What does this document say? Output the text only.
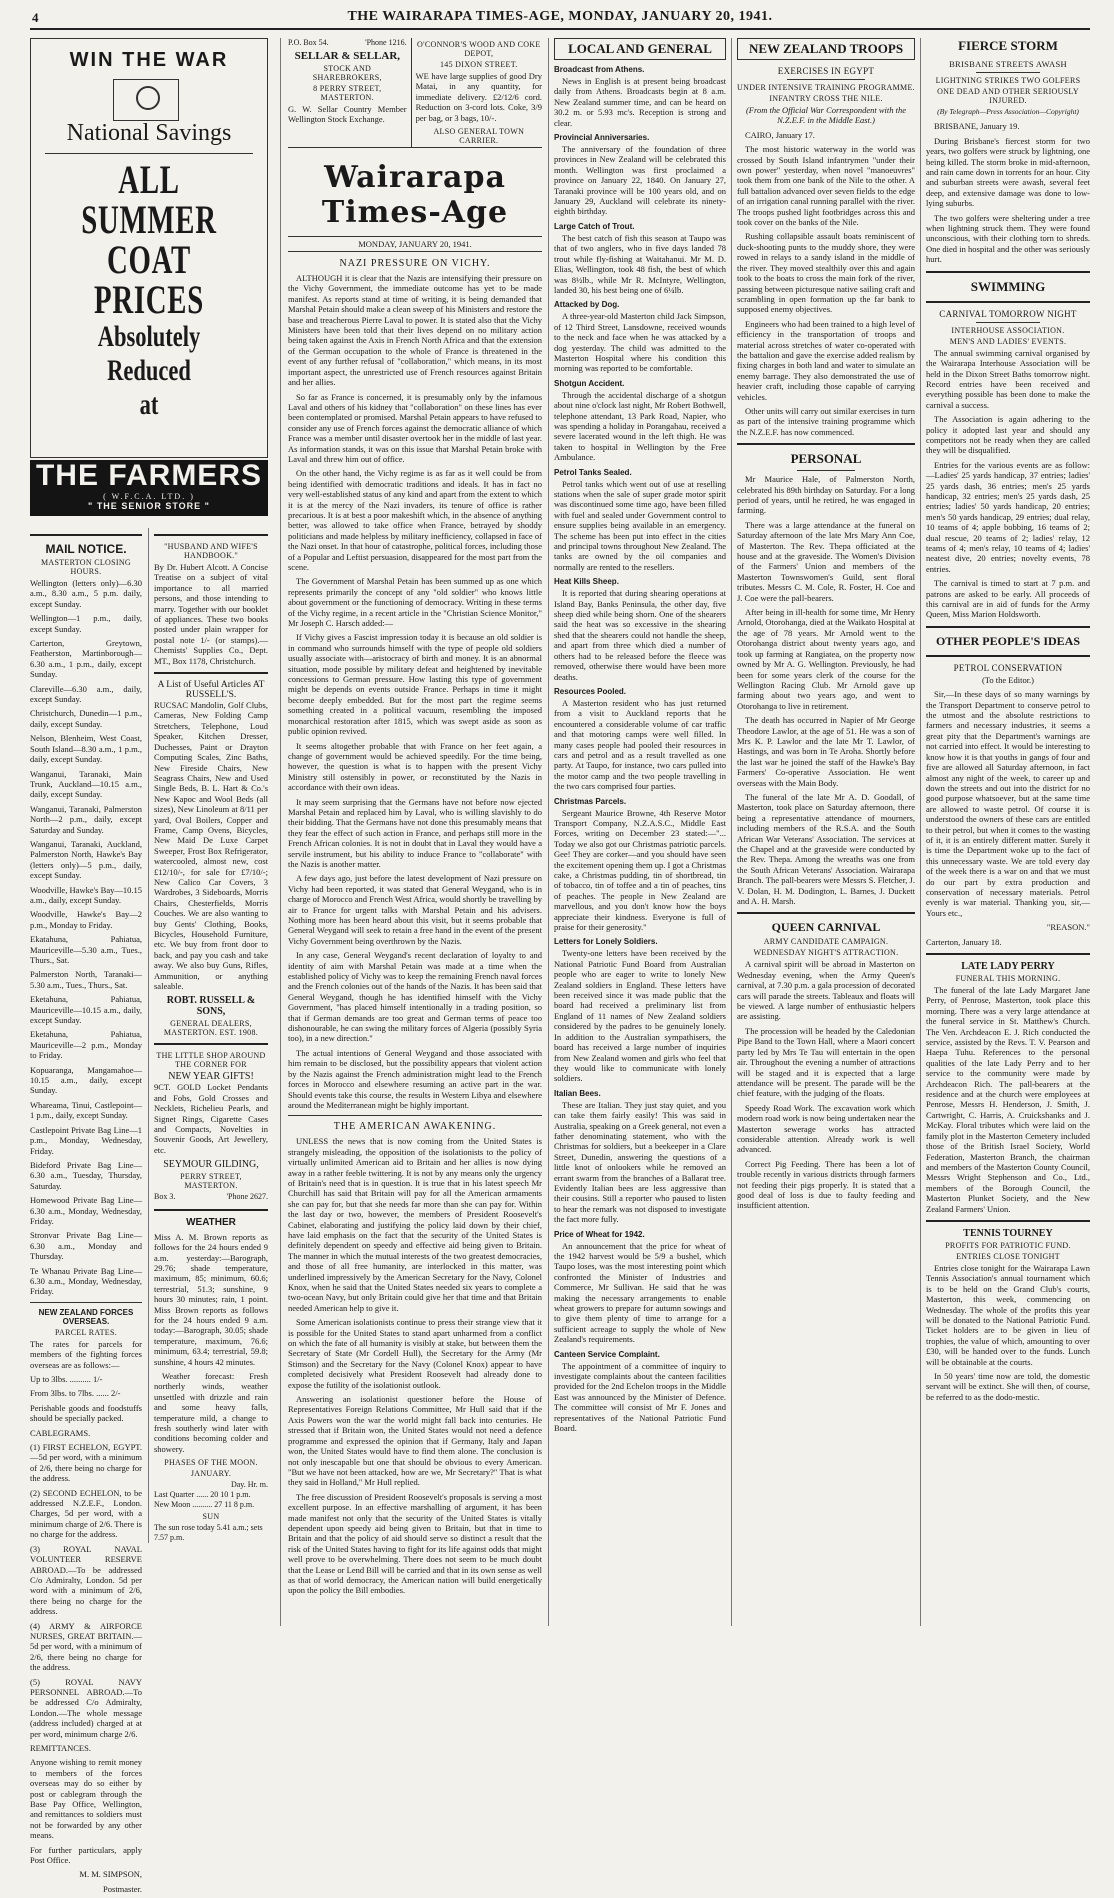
4	THE WAIRARAPA TIMES-AGE, MONDAY, JANUARY 20, 1941.
WIN THE WAR
National Savings
ALL
SUMMER
COAT
PRICES
Absolutely
Reduced
at
THE FARMERS
( W.F.C.A. LTD. )
" THE SENIOR STORE "
MAIL NOTICE.
MASTERTON CLOSING HOURS.
Wellington (letters only)—6.30 a.m., 8.30 a.m., 5 p.m. daily, except Sunday.
Wellington—1 p.m., daily, except Sunday.
Carterton, Greytown, Featherston, Martinborough—6.30 a.m., 1 p.m., daily, except Sunday.
Clareville—6.30 a.m., daily, except Sunday.
Christchurch, Dunedin—1 p.m., daily, except Sunday.
Nelson, Blenheim, West Coast, South Island—8.30 a.m., 1 p.m., daily, except Sunday.
Wanganui, Taranaki, Main Trunk, Auckland—10.15 a.m., daily, except Sunday.
Wanganui, Taranaki, Palmerston North—2 p.m., daily, except Saturday and Sunday.
Wanganui, Taranaki, Auckland, Palmerston North, Hawke's Bay (letters only)—5 p.m., daily, except Sunday.
Woodville, Hawke's Bay—10.15 a.m., daily, except Sunday.
Woodville, Hawke's Bay—2 p.m., Monday to Friday.
Ekatahuna, Pahiatua, Mauriceville—5.30 a.m., Tues., Thurs., Sat.
Palmerston North, Taranaki—5.30 a.m., Tues., Thurs., Sat.
Eketahuna, Pahiatua, Mauriceville—10.15 a.m., daily, except Sunday.
Eketahuna, Pahiatua, Mauriceville—2 p.m., Monday to Friday.
Kopuaranga, Mangamahoe—10.15 a.m., daily, except Sunday.
Whareama, Tinui, Castlepoint—1 p.m., daily, except Sunday.
Castlepoint Private Bag Line—1 p.m., Monday, Wednesday, Friday.
Bideford Private Bag Line—6.30 a.m., Tuesday, Thursday, Saturday.
Homewood Private Bag Line—6.30 a.m., Monday, Wednesday, Friday.
Stronvar Private Bag Line—6.30 a.m., Monday and Thursday.
Te Whanau Private Bag Line—6.30 a.m., Monday, Wednesday, Friday.
NEW ZEALAND FORCES OVERSEAS.
PARCEL RATES.
The rates for parcels for members of the fighting forces overseas are as follows:—
Up to 3lbs. .......... 1/-
From 3lbs. to 7lbs. ...... 2/-
Perishable goods and foodstuffs should be specially packed.
CABLEGRAMS.
(1) FIRST ECHELON, EGYPT.—5d per word, with a minimum of 2/6, there being no charge for the address.
(2) SECOND ECHELON, to be addressed N.Z.E.F., London. Charges, 5d per word, with a minimum charge of 2/6. There is no charge for the address.
(3) ROYAL NAVAL VOLUNTEER RESERVE ABROAD.—To be addressed C/o Admiralty, London. 5d per word with a minimum of 2/6, there being no charge for the address.
(4) ARMY & AIRFORCE NURSES, GREAT BRITAIN.—5d per word, with a minimum of 2/6, there being no charge for the address.
(5) ROYAL NAVY PERSONNEL ABROAD.—To be addressed C/o Admiralty, London.—The whole message (address included) charged at at per word, minimum charge 2/6.
REMITTANCES.
Anyone wishing to remit money to members of the forces overseas may do so either by post or cablegram through the Base Pay Office, Wellington, and remittances to soldiers must not be forwarded by any other means.
For further particulars, apply Post Office.
M. M. SIMPSON,
Postmaster.
"HUSBAND AND WIFE'S HANDBOOK."
By Dr. Hubert Alcott. A Concise Treatise on a subject of vital importance to all married persons, and those intending to marry. Together with our booklet of appliances. These two books posted under plain wrapper for postal note 1/- (or stamps).—Chemists' Supplies Co., Dept. MT., Box 1178, Christchurch.
A List of Useful Articles AT RUSSELL'S.
RUCSAC Mandolin, Golf Clubs, Cameras, New Folding Camp Stretchers, Telephone, Loud Speaker, Kitchen Dresser, Duchesses, Paint or Drayton Computing Scales, Zinc Baths, New Fireside Chairs, New Seagrass Chairs, New and Used Single Beds, B. L. Hart & Co.'s New Kapoc and Wool Beds (all sizes), New Linoleum at 8/11 per yard, Oval Boilers, Copper and Frame, Camp Ovens, Bicycles, New Maid De Luxe Carpet Sweeper, Frost Box Refrigerator, watercooled, almost new, cost £12/10/-, for sale for £7/10/-; New Calico Car Covers, 3 Wardrobes, 3 Sideboards, Morris Chairs, Chesterfields, Morris Couches. We are also wanting to buy Gents' Clothing, Books, Bicycles, Household Furniture, etc. We buy from front door to back, and pay you cash and take away. We also buy Guns, Rifles, Ammunition, or anything saleable.
ROBT. RUSSELL & SONS,
GENERAL DEALERS, MASTERTON. EST. 1908.
THE LITTLE SHOP AROUND THE CORNER FOR
NEW YEAR GIFTS!
9CT. GOLD Locket Pendants and Fobs, Gold Crosses and Necklets, Richelieu Pearls, and Signet Rings, Cigarette Cases and Compacts, Novelties in Souvenir Goods, Art Jewellery, etc.
SEYMOUR GILDING,
PERRY STREET, MASTERTON.
Box 3.	'Phone 2627.
WEATHER
Miss A. M. Brown reports as follows for the 24 hours ended 9 a.m. yesterday:—Barograph, 29.76; shade temperature, maximum, 85; minimum, 60.6; terrestrial, 51.3; sunshine, 9 hours 30 minutes; rain, 1 point. Miss Brown reports as follows for the 24 hours ended 9 a.m. today:—Barograph, 30.05; shade temperature, maximum, 76.6; minimum, 63.4; terrestrial, 59.8; sunshine, 4 hours 42 minutes.
Weather forecast: Fresh northerly winds, weather unsettled with drizzle and rain and some heavy falls, temperature mild, a change to fresh southerly wind later with conditions becoming colder and showery.
PHASES OF THE MOON.
JANUARY.
Day. Hr. m.
Last Quarter ...... 20 10 1 p.m.
New Moon .......... 27 11 8 p.m.
SUN
The sun rose today 5.41 a.m.; sets 7.57 p.m.
P.O. Box 54.	'Phone 1216.
SELLAR & SELLAR,
STOCK AND SHAREBROKERS,
8 PERRY STREET, MASTERTON.
G. W. Sellar Country Member Wellington Stock Exchange.
O'CONNOR'S WOOD AND COKE DEPOT,
145 DIXON STREET.
WE have large supplies of good Dry Matai, in any quantity, for immediate delivery. £2/12/6 cord. Reduction on 3-cord lots. Coke, 3/9 per bag, or 3 bags, 10/-.
ALSO GENERAL TOWN CARRIER.
Wairarapa Times-Age
MONDAY, JANUARY 20, 1941.
NAZI PRESSURE ON VICHY.
ALTHOUGH it is clear that the Nazis are intensifying their pressure on the Vichy Government, the immediate outcome has yet to be made manifest. As reports stand at time of writing, it is being demanded that Marshal Petain should make a clean sweep of his Ministers and restore the base and treacherous Pierre Laval to power. It is stated also that the Vichy Ministers have been told that their lives depend on no military action being taken against the Axis in French North Africa and that the extension of the German occupation to the whole of France is threatened in the event of any further refusal of "collaboration," which means, in its most important aspect, the unrestricted use of French resources against Britain and her allies.
So far as France is concerned, it is presumably only by the infamous Laval and others of his kidney that "collaboration" on these lines has ever been contemplated or promised. Marshal Petain appears to have refused to consider any use of French forces against the democratic alliance of which France was a member until disaster overtook her in the middle of last year. As information stands, it was on this issue that Marshal Petain broke with Laval and threw him out of office.
On the other hand, the Vichy regime is as far as it well could be from being identified with democratic traditions and ideals. It has in fact no very well-established status of any kind and apart from the extent to which it is at the mercy of the Nazi invaders, its tenure of office is rather precarious. It is at best a poor makeshift which, in the absence of anything better, was allowed to take office when France, betrayed by shoddy politicians and made helpless by military inefficiency, collapsed in face of the Nazi onset. In that hour of catastrophe, political forces, including those of a Popular and Leftist persuasion, disappeared for the most part from the scene.
The Government of Marshal Petain has been summed up as one which represents primarily the concept of any "old soldier" who knows little about government or the functioning of democracy. Writing in these terms of the Vichy regime, in a recent article in the "Christian Science Monitor," Mr Joseph C. Harsch added:—
If Vichy gives a Fascist impression today it is because an old soldier is in command who surrounds himself with the type of people old soldiers usually associate with—aristocracy of birth and money. It is an abnormal situation, mode possible by military defeat and heightened by inevitable concessions to German pressure. How lasting this type of government might be depends on events outside France. Perhaps in time it might become deeply embedded. But for the most part the regime seems something created in a political vacuum, resembling the imposed monarchical restoration after 1815, which was swept aside as soon as public opinion revived.
It seems altogether probable that with France on her feet again, a change of government would be achieved speedily. For the time being, however, the question is what is to happen with the present Vichy Ministry still ostensibly in power, or reconstituted by the Nazis in accordance with their own ideas.
It may seem surprising that the Germans have not before now ejected Marshal Petain and replaced him by Laval, who is willing slavishly to do their bidding. That the Germans have not done this presumably means that they fear the effect of such action in France, and perhaps still more in the French African colonies. It is not in doubt that in Laval they would have a servile instrument, but his ability to induce France to "collaborate" with the Nazis is another matter.
A few days ago, just before the latest development of Nazi pressure on Vichy had been reported, it was stated that General Weygand, who is in charge of Morocco and French West Africa, would shortly be travelling by air to France for urgent talks with Marshal Petain and his advisers. Nothing more has been heard about this visit, but it seems probable that General Weygand will seek to retain a free hand in the event of the present Vichy Government being overthrown by the Nazis.
In any case, General Weygand's recent declaration of loyalty to and identity of aim with Marshal Petain was made at a time when the established policy of Vichy was to keep the remaining French naval forces and the French colonies out of the hands of the Nazis. It has been said that General Weygand, though he has identified himself with the Vichy Government, "has placed himself intentionally in a trading position, so that if German demands are too great and German terms of peace too dishonourable, he can swing the military forces of Algeria (possibly Syria too), in a new direction."
The actual intentions of General Weygand and those associated with him remain to be disclosed, but the possibility appears that violent action by the Nazis against the French administration might lead to the French forces in Morocco and elsewhere resuming an active part in the war. Should events take this course, the results in Western Libya and elsewhere around the Mediterranean might be highly important.
THE AMERICAN AWAKENING.
UNLESS the news that is now coming from the United States is strangely misleading, the opposition of the isolationists to the policy of virtually unlimited American aid to Britain and her allies is now dying away in a rather feeble twittering. It is not by any means only the urgency of Britain's need that is in question. It is true that in his latest speech Mr Churchill has said that Britain will pay for all the American armaments she can pay for, but that she needs far more than she can pay for. Within the last day or two, however, the members of President Roosevelt's Cabinet, elaborating and justifying the policy laid down by their chief, have laid emphasis on the fact that the security of the United States is definitely dependent on speedy and effective aid being given to Britain. The manner in which the mutual interests of the two greatest democracies, and those of all free humanity, are interlocked in this matter, was underlined impressively by the American Secretary for the Navy, Colonel Knox, when he said that the United States needed six years to complete a two-ocean Navy, but only Britain could give her that time and that Britain needed American help to give it.
Some American isolationists continue to press their strange view that it is possible for the United States to stand apart unharmed from a conflict on which the fate of all humanity is visibly at stake, but between them the Secretary of State (Mr Cordell Hull), the Secretary for the Army (Mr Stimson) and the Secretary for the Navy (Colonel Knox) appear to have completed decisively what President Roosevelt had already done to expose the futility of the isolationist outlook.
Answering an isolationist questioner before the House of Representatives Foreign Relations Committee, Mr Hull said that if the Axis Powers won the war the world might fall back into centuries. He stressed that if Britain won, the United States would not need a defence programme and expressed the opinion that if Germany, Italy and Japan won, the United States would have to find them alone. The conclusion is not only inescapable but one that should be obvious to every American. "But we have not been attacked, how are we, Mr Secretary?" That is what they said in Holland," Mr Hull replied.
The free discussion of President Roosevelt's proposals is serving a most excellent purpose. In an effective marshalling of argument, it has been made manifest not only that the security of the United States is vitally dependent upon speedy aid being given to Britain, but that in time to Britain and that the policy of aid should serve so distinct a result that the risk of the United States having to fight for its life against odds that might well prove to be overwhelming. There does not seem to be much doubt that the Lease or Lend Bill will be carried and that in its own sense as well as that of world democracy, the American nation will build energetically upon the policy the Bill embodies.
LOCAL AND GENERAL
Broadcast from Athens.
News in English is at present being broadcast daily from Athens. Broadcasts begin at 8 a.m. New Zealand summer time, and can be heard on 30.2 m. or 5.93 mc's. Reception is strong and clear.
Provincial Anniversaries.
The anniversary of the foundation of three provinces in New Zealand will be celebrated this month. Wellington was first proclaimed a province on January 22, 1840. On January 27, Taranaki province will be 100 years old, and on January 29, Auckland will celebrate its ninety-eighth birthday.
Large Catch of Trout.
The best catch of fish this season at Taupo was that of two anglers, who in five days landed 78 trout while fly-fishing at Waitahanui. Mr M. D. Elias, Wellington, took 48 fish, the best of which was 8½lb., while Mr R. McIntyre, Wellington, landed 30, his best being one of 6¼lb.
Attacked by Dog.
A three-year-old Masterton child Jack Simpson, of 12 Third Street, Lansdowne, received wounds to the neck and face when he was attacked by a dog yesterday. The child was admitted to the Masterton Hospital where his condition this morning was reported to be comfortable.
Shotgun Accident.
Through the accidental discharge of a shotgun about nine o'clock last night, Mr Robert Bothwell, telephone attendant, 13 Park Road, Napier, who was spending a holiday in Porangahau, received a severe lacerated wound in the left thigh. He was taken to hospital in Wellington by the Free Ambulance.
Petrol Tanks Sealed.
Petrol tanks which went out of use at reselling stations when the sale of super grade motor spirit was discontinued some time ago, have been filled with fuel and sealed under Government control to ensure supplies being available in an emergency. The scheme has been put into effect in the cities and principal towns throughout New Zealand. The tanks are owned by the oil companies and normally are rented to the resellers.
Heat Kills Sheep.
It is reported that during shearing operations at Island Bay, Banks Peninsula, the other day, five sheep died while being shorn. One of the shearers said the heat was so excessive in the shearing shed that the shearers could not handle the sheep, and apart from three which died a number of others had to be released before the fleece was removed, otherwise there would have been more deaths.
Resources Pooled.
A Masterton resident who has just returned from a visit to Auckland reports that he encountered a considerable volume of car traffic and that motoring camps were well filled. In many cases people had pooled their resources in cars and petrol and as a result travelled as one party. At Taupo, for instance, two cars pulled into the motor camp and the two people travelling in the two cars comprised four parties.
Christmas Parcels.
Sergeant Maurice Browne, 4th Reserve Motor Transport Company, N.Z.A.S.C., Middle East Forces, writing on December 23 stated:—"... Today we also got our Christmas patriotic parcels. Gee! They are corker—and you should have seen the excitement opening them up. I got a Christmas cake, a Christmas pudding, tin of shortbread, tin of tobacco, tin of toffee and a tin of peaches, tins of peaches. The people in New Zealand are marvellous, and you don't know how the boys appreciate their kindness. Everyone is full of praise for their generosity."
Letters for Lonely Soldiers.
Twenty-one letters have been received by the National Patriotic Fund Board from Australian people who are eager to write to lonely New Zealand soldiers in England. These letters have been received since it was made public that the board had received a preliminary list from England of 11 names of New Zealand soldiers considered by the padres to be genuinely lonely. In addition to the Australian sympathisers, the board has received a large number of inquiries from New Zealand women and girls who feel that they would like to communicate with lonely soldiers.
Italian Bees.
These are Italian. They just stay quiet, and you can take them fairly easily! This was said in Australia, speaking on a Greek general, not even a father denominating statement, who with the Christmas for soldiers, but a beekeeper in a Clare Street, Dunedin, answering the questions of a little knot of onlookers while he removed an errant swarm from the branches of a Ballarat tree. Evidently Italian bees are less aggressive than their cousins. Still a reporter who paused to listen to hear the remark was not disposed to investigate the fact more fully.
Price of Wheat for 1942.
An announcement that the price for wheat of the 1942 harvest would be 5/9 a bushel, which Taupo loses, was the most interesting point which confronted the Minister of Industries and Commerce, Mr Sullivan. He said that he was making the necessary arrangements to enable wheat growers to prepare for autumn sowings and to give them plenty of time to arrange for a sufficient acreage to supply the whole of New Zealand's requirements.
Canteen Service Complaint.
The appointment of a committee of inquiry to investigate complaints about the canteen facilities provided for the 2nd Echelon troops in the Middle East was announced by the Minister of Defence. The committee will consist of Mr F. Jones and representatives of the National Patriotic Fund Board.
NEW ZEALAND TROOPS
EXERCISES IN EGYPT
UNDER INTENSIVE TRAINING PROGRAMME.
INFANTRY CROSS THE NILE.
(From the Official War Correspondent with the N.Z.E.F. in the Middle East.)
CAIRO, January 17.
The most historic waterway in the world was crossed by South Island infantrymen "under their own power" yesterday, when novel "manoeuvres" took them from one bank of the Nile to the other. A full battalion advanced over seven fields to the edge of an irrigation canal running parallel with the river. The troops pushed light footbridges across this and took cover on the banks of the Nile.
Rushing collapsible assault boats reminiscent of duck-shooting punts to the muddy shore, they were rowed in relays to a sandy island in the middle of the river. They moved stealthily over this and again took to the boats to cross the main fork of the river, passing between picturesque native sailing craft and scrambling in open formation up the far bank to supposed enemy objectives.
Engineers who had been trained to a high level of efficiency in the transportation of troops and material across stretches of water co-operated with the battalion and gave the exercise added realism by fixing charges in both land and water to simulate an enemy barrage. They also demonstrated the use of heavier craft, including those capable of carrying vehicles.
Other units will carry out similar exercises in turn as part of the intensive training programme which the N.Z.E.F. has now commenced.
PERSONAL
Mr Maurice Hale, of Palmerston North, celebrated his 89th birthday on Saturday. For a long period of years, until he retired, he was engaged in farming.
There was a large attendance at the funeral on Saturday afternoon of the late Mrs Mary Ann Coe, of Masterton. The Rev. Thepa officiated at the house and at the graveside. The Women's Division of the Farmers' Union and members of the Masterton Townswomen's Guild, sent floral tributes. Messrs C. M. Cole, R. Foster, H. Coe and J. Coe were the pall-bearers.
After being in ill-health for some time, Mr Henry Arnold, Otorohanga, died at the Waikato Hospital at the age of 78 years. Mr Arnold went to the Otorohanga district about twenty years ago, and took up farming at Rangiatea, on the property now owned by Mr A. G. Wellington. Previously, he had been for some years clerk of the course for the Wellington Racing Club. Mr Arnold gave up farming about two years ago, and went to Otorohanga to live in retirement.
The death has occurred in Napier of Mr George Theodore Lawlor, at the age of 51. He was a son of Mrs K. P. Lawlor and the late Mr T. Lawlor, of Hastings, and was born in Te Aroha. Shortly before the last war he joined the staff of the Hawke's Bay Farmers' Co-operative Association. He went overseas with the Main Body.
The funeral of the late Mr A. D. Goodall, of Masterton, took place on Saturday afternoon, there being a representative attendance of mourners, including members of the R.S.A. and the South African War Veterans' Association. The services at the Chapel and at the graveside were conducted by the Rev. Thepa. Among the wreaths was one from the South African Veterans' Association. Wairarapa Branch. The pall-bearers were Messrs S. Fletcher, J. V. Dolan, H. M. Dodington, L. Barnes, J. Duckett and A. H. Marsh.
QUEEN CARNIVAL
ARMY CANDIDATE CAMPAIGN.
WEDNESDAY NIGHT'S ATTRACTION.
A carnival spirit will be abroad in Masterton on Wednesday evening, when the Army Queen's carnival, at 7.30 p.m. a gala procession of decorated cars will parade the streets. Tableaux and floats will be viewed. A large number of enthusiastic helpers are assisting.
The procession will be headed by the Caledonian Pipe Band to the Town Hall, where a Maori concert party led by Mrs Te Tau will entertain in the open air. Throughout the evening a number of attractions will be staged and it is expected that a large attendance will be present. The parade will be the chief feature, with the judging of the floats.
Speedy Road Work. The excavation work which modern road work is now being undertaken near the Masterton sewerage works has attracted considerable attention. Already work is well advanced.
Correct Pig Feeding. There has been a lot of trouble recently in various districts through farmers not feeding their pigs properly. It is stated that a good deal of loss is due to faulty feeding and insufficient attention.
FIERCE STORM
BRISBANE STREETS AWASH
LIGHTNING STRIKES TWO GOLFERS
ONE DEAD AND OTHER SERIOUSLY INJURED.
(By Telegraph—Press Association—Copyright)
BRISBANE, January 19.
During Brisbane's fiercest storm for two years, two golfers were struck by lightning, one being killed. The storm broke in mid-afternoon, and rain came down in torrents for an hour. City and suburban streets were awash, several feet deep, and extensive damage was done to low-lying suburbs.
The two golfers were sheltering under a tree when lightning struck them. They were found unconscious, with their clothing torn to shreds. One died in hospital and the other was seriously hurt.
SWIMMING
CARNIVAL TOMORROW NIGHT
INTERHOUSE ASSOCIATION.
MEN'S AND LADIES' EVENTS.
The annual swimming carnival organised by the Wairarapa Interhouse Association will be held in the Dixon Street Baths tomorrow night. Record entries have been received and everything possible has been done to make the carnival a success.
The Association is again adhering to the policy it adopted last year and should any competitors not be ready when they are called they will be disqualified.
Entries for the various events are as follow:—Ladies' 25 yards handicap, 37 entries; ladies' 25 yards dash, 36 entries; men's 25 yards handicap, 32 entries; men's 25 yards dash, 25 entries; ladies' 50 yards handicap, 20 entries; men's 50 yards handicap, 29 entries; dual relay, 10 teams of 4; apple bobbing, 16 teams of 2; dual rescue, 20 teams of 2; ladies' relay, 12 teams of 4; men's relay, 10 teams of 4; ladies' neatest dive, 20 entries; novelty events, 78 entries.
The carnival is timed to start at 7 p.m. and patrons are asked to be early. All proceeds of this carnival are in aid of funds for the Army Queen, Miss Marion Holdsworth.
OTHER PEOPLE'S IDEAS
PETROL CONSERVATION
(To the Editor.)
Sir,—In these days of so many warnings by the Transport Department to conserve petrol to the utmost and the absolute restrictions to farmers and necessary industries, it seems a great pity that the Department's warnings are not carried into effect. It would be interesting to know how it is that youths in gangs of four and five are allowed all Saturday afternoon, in fact almost any night of the week, to career up and down the streets and out into the district for no good purpose whatsoever, but at the same time are allowed to waste petrol. Of course it is understood the owners of these cars are entitled to their petrol, but when it comes to the wasting of it, it is an entirely different matter. Surely it is time the Department woke up to the fact of this unnecessary waste. We are told every day of the week there is a war on and that we must do our part by extra production and conservation of necessary materials. Petrol evenly is war material. Thanking you, sir,—Yours etc.,
"REASON."
Carterton, January 18.
LATE LADY PERRY
FUNERAL THIS MORNING.
The funeral of the late Lady Margaret Jane Perry, of Penrose, Masterton, took place this morning. There was a very large attendance at the funeral service in St. Matthew's Church. The Ven. Archdeacon E. J. Rich conducted the service, assisted by the Revs. T. V. Pearson and Haepa Tuhu. References to the personal qualities of the late Lady Perry and to her service to the community were made by Archdeacon Rich. The pall-bearers at the residence and at the church were employees at Penrose, Messrs H. Henderson, J. Smith, J. Cartwright, C. Harris, A. Cruickshanks and J. McKay. Floral tributes which were laid on the family plot in the Masterton Cemetery included those of the British Israel Society, World Federation, Masterton Branch, the chairman and members of the Masterton County Council, Messrs Wright Stephenson and Co., Ltd., members of the Borough Council, the Masterton Plunket Society, and the New Zealand Farmers' Union.
TENNIS TOURNEY
PROFITS FOR PATRIOTIC FUND.
ENTRIES CLOSE TONIGHT
Entries close tonight for the Wairarapa Lawn Tennis Association's annual tournament which is to be held on the Grand Club's courts, Masterton, this week, commencing on Wednesday. The whole of the profits this year will be donated to the National Patriotic Fund. Ticket holders are to be given in lieu of trophies, the value of which, amounting to over £30, will be handed over to the funds. Lunch will be obtainable at the courts.
In 50 years' time now are told, the domestic servant will be extinct. She will then, of course, be referred to as the dodo-mestic.
